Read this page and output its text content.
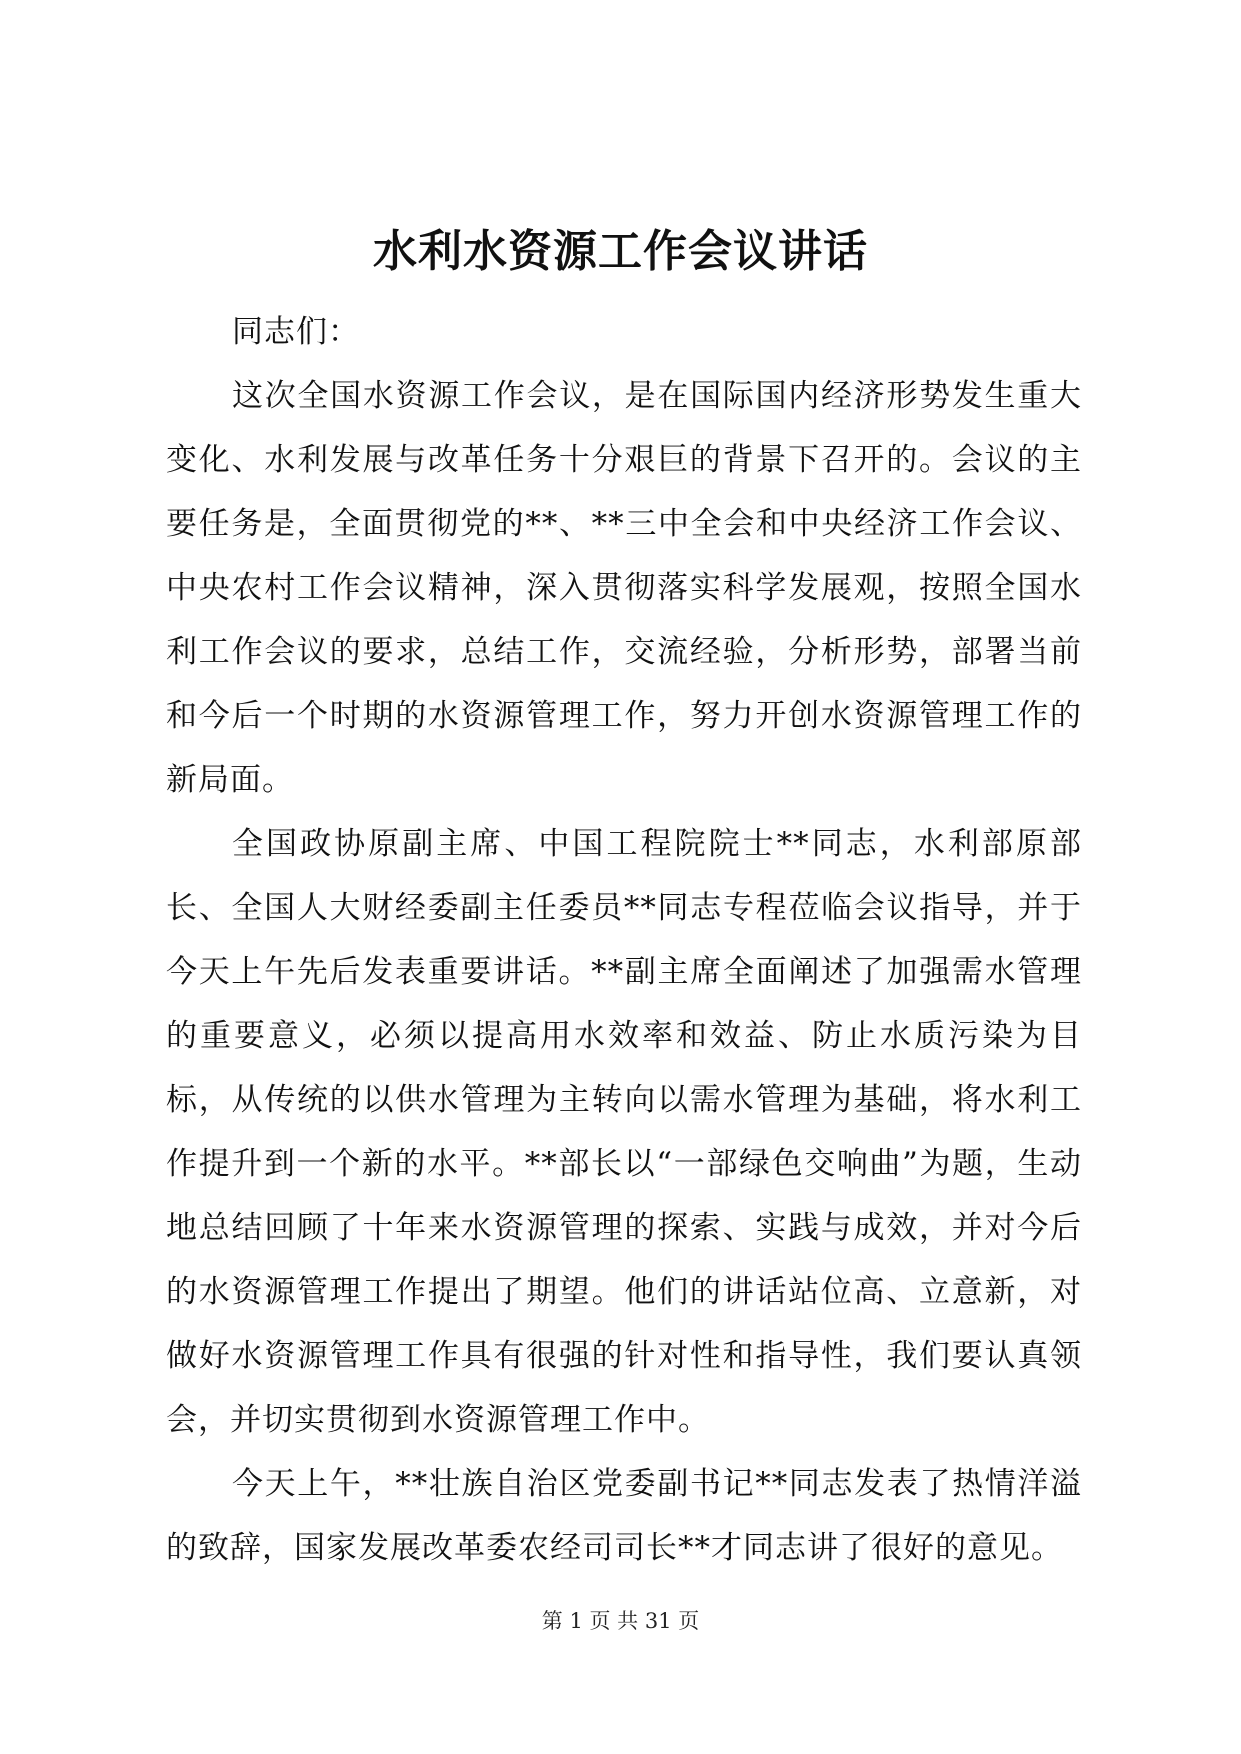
水利水资源工作会议讲话

同志们：

这次全国水资源工作会议，是在国际国内经济形势发生重大变化、水利发展与改革任务十分艰巨的背景下召开的。会议的主要任务是，全面贯彻党的**、**三中全会和中央经济工作会议、中央农村工作会议精神，深入贯彻落实科学发展观，按照全国水利工作会议的要求，总结工作，交流经验，分析形势，部署当前和今后一个时期的水资源管理工作，努力开创水资源管理工作的新局面。

全国政协原副主席、中国工程院院士**同志，水利部原部长、全国人大财经委副主任委员**同志专程莅临会议指导，并于今天上午先后发表重要讲话。**副主席全面阐述了加强需水管理的重要意义，必须以提高用水效率和效益、防止水质污染为目标，从传统的以供水管理为主转向以需水管理为基础，将水利工作提升到一个新的水平。**部长以“一部绿色交响曲”为题，生动地总结回顾了十年来水资源管理的探索、实践与成效，并对今后的水资源管理工作提出了期望。他们的讲话站位高、立意新，对做好水资源管理工作具有很强的针对性和指导性，我们要认真领会，并切实贯彻到水资源管理工作中。

今天上午，**壮族自治区党委副书记**同志发表了热情洋溢的致辞，国家发展改革委农经司司长**才同志讲了很好的意见。

第 1 页 共 31 页
